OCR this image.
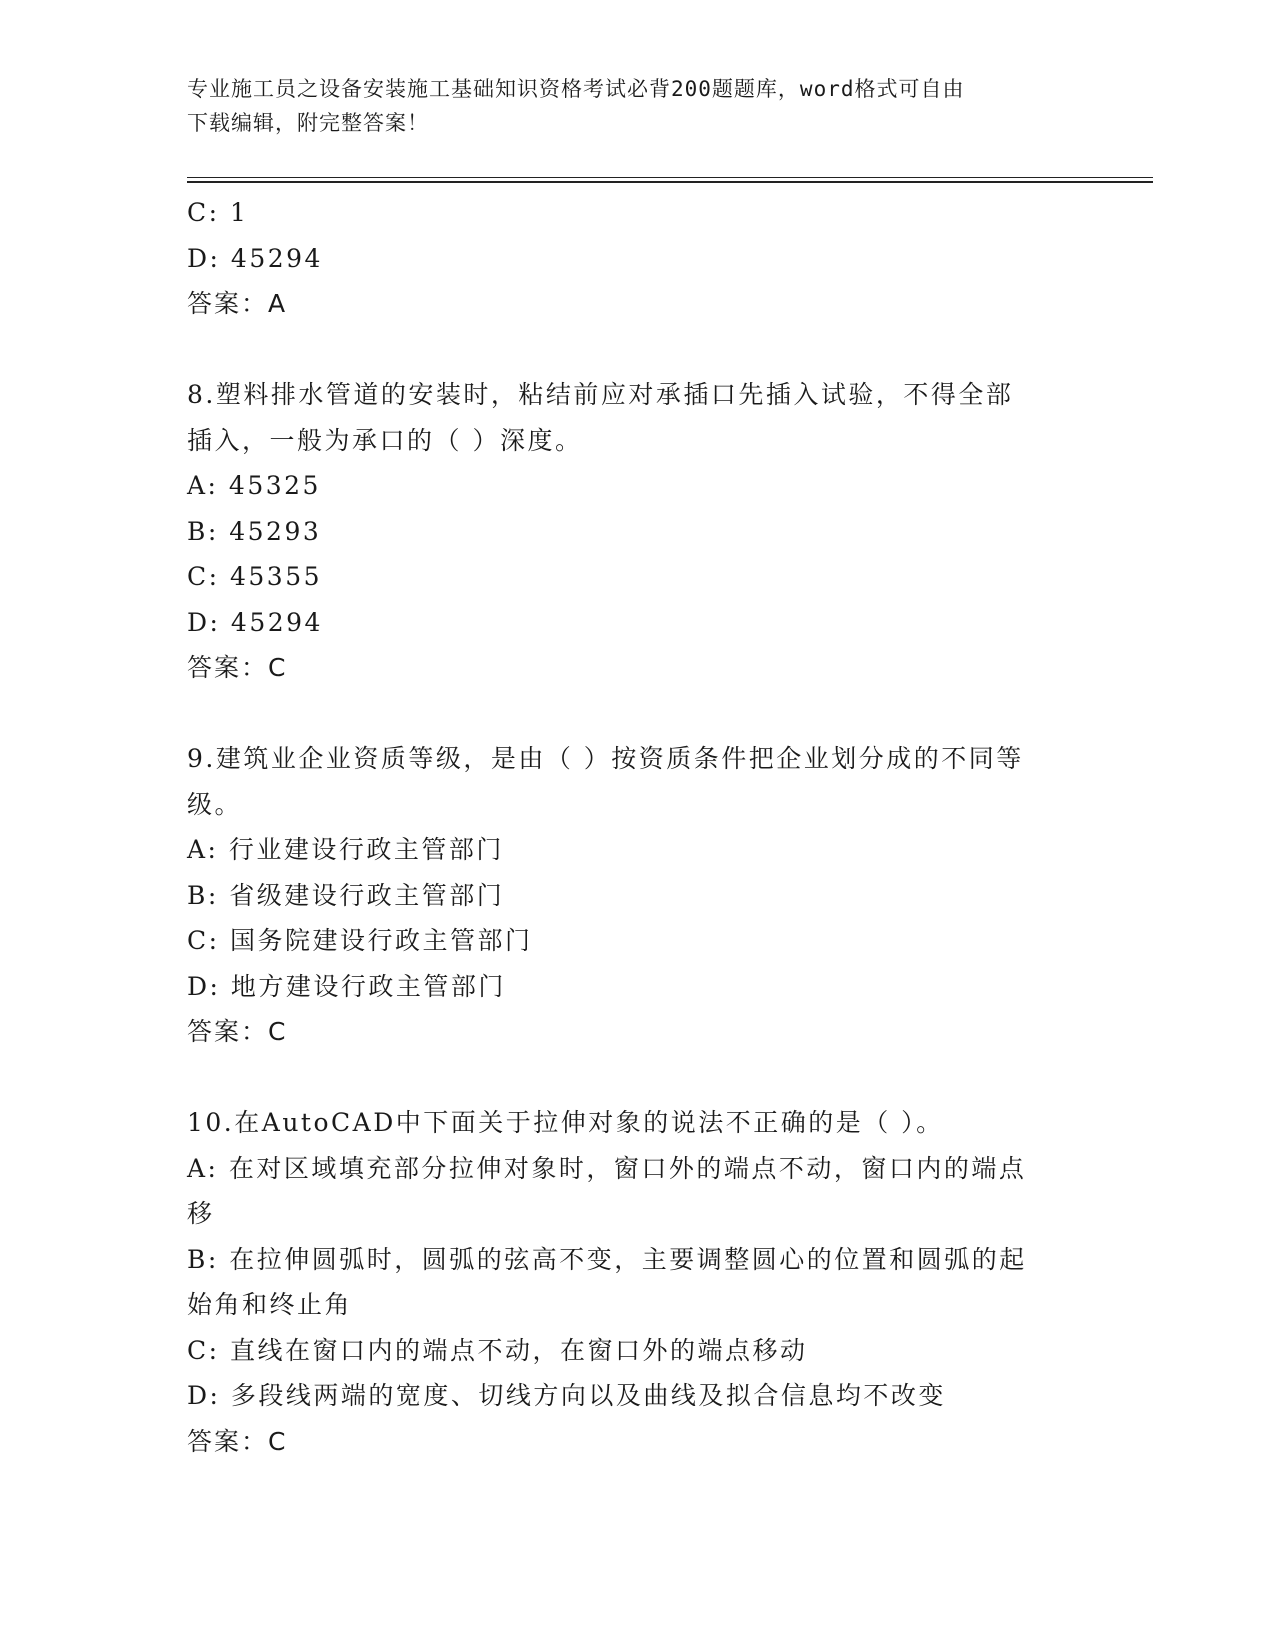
专业施工员之设备安装施工基础知识资格考试必背200题题库，word格式可自由
下载编辑，附完整答案！
C: 1
D: 45294
答案：A
8.塑料排水管道的安装时，粘结前应对承插口先插入试验，不得全部
插入，一般为承口的（ ）深度。
A: 45325
B: 45293
C: 45355
D: 45294
答案：C
9.建筑业企业资质等级，是由（ ）按资质条件把企业划分成的不同等
级。
A: 行业建设行政主管部门
B: 省级建设行政主管部门
C: 国务院建设行政主管部门
D: 地方建设行政主管部门
答案：C
10.在AutoCAD中下面关于拉伸对象的说法不正确的是（ ）。
A: 在对区域填充部分拉伸对象时，窗口外的端点不动，窗口内的端点
移
B: 在拉伸圆弧时，圆弧的弦高不变，主要调整圆心的位置和圆弧的起
始角和终止角
C: 直线在窗口内的端点不动，在窗口外的端点移动
D: 多段线两端的宽度、切线方向以及曲线及拟合信息均不改变
答案：C
